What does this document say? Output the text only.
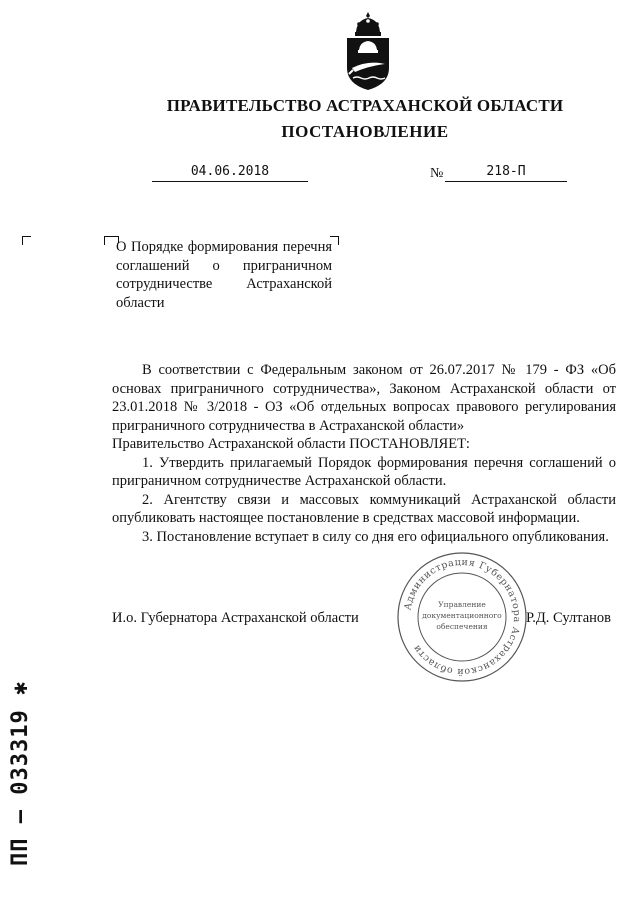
ПРАВИТЕЛЬСТВО АСТРАХАНСКОЙ ОБЛАСТИ
ПОСТАНОВЛЕНИЕ
04.06.2018	№	218-П
О Порядке формирования перечня соглашений о приграничном сотрудничестве Астраханской области

В соответствии с Федеральным законом от 26.07.2017 № 179 - ФЗ «Об основах приграничного сотрудничества», Законом Астраханской области от 23.01.2018 № 3/2018 - ОЗ «Об отдельных вопросах правового регулирования приграничного сотрудничества в Астраханской области»

Правительство Астраханской области ПОСТАНОВЛЯЕТ:

1. Утвердить прилагаемый Порядок формирования перечня соглашений о приграничном сотрудничестве Астраханской области.

2. Агентству связи и массовых коммуникаций Астраханской области опубликовать настоящее постановление в средствах массовой информации.

3. Постановление вступает в силу со дня его официального опубликования.

И.о. Губернатора Астраханской области
Администрация Губернатора Астраханской области
Управление
документационного
обеспечения
Р.Д. Султанов
ПП – 033319 ✱
